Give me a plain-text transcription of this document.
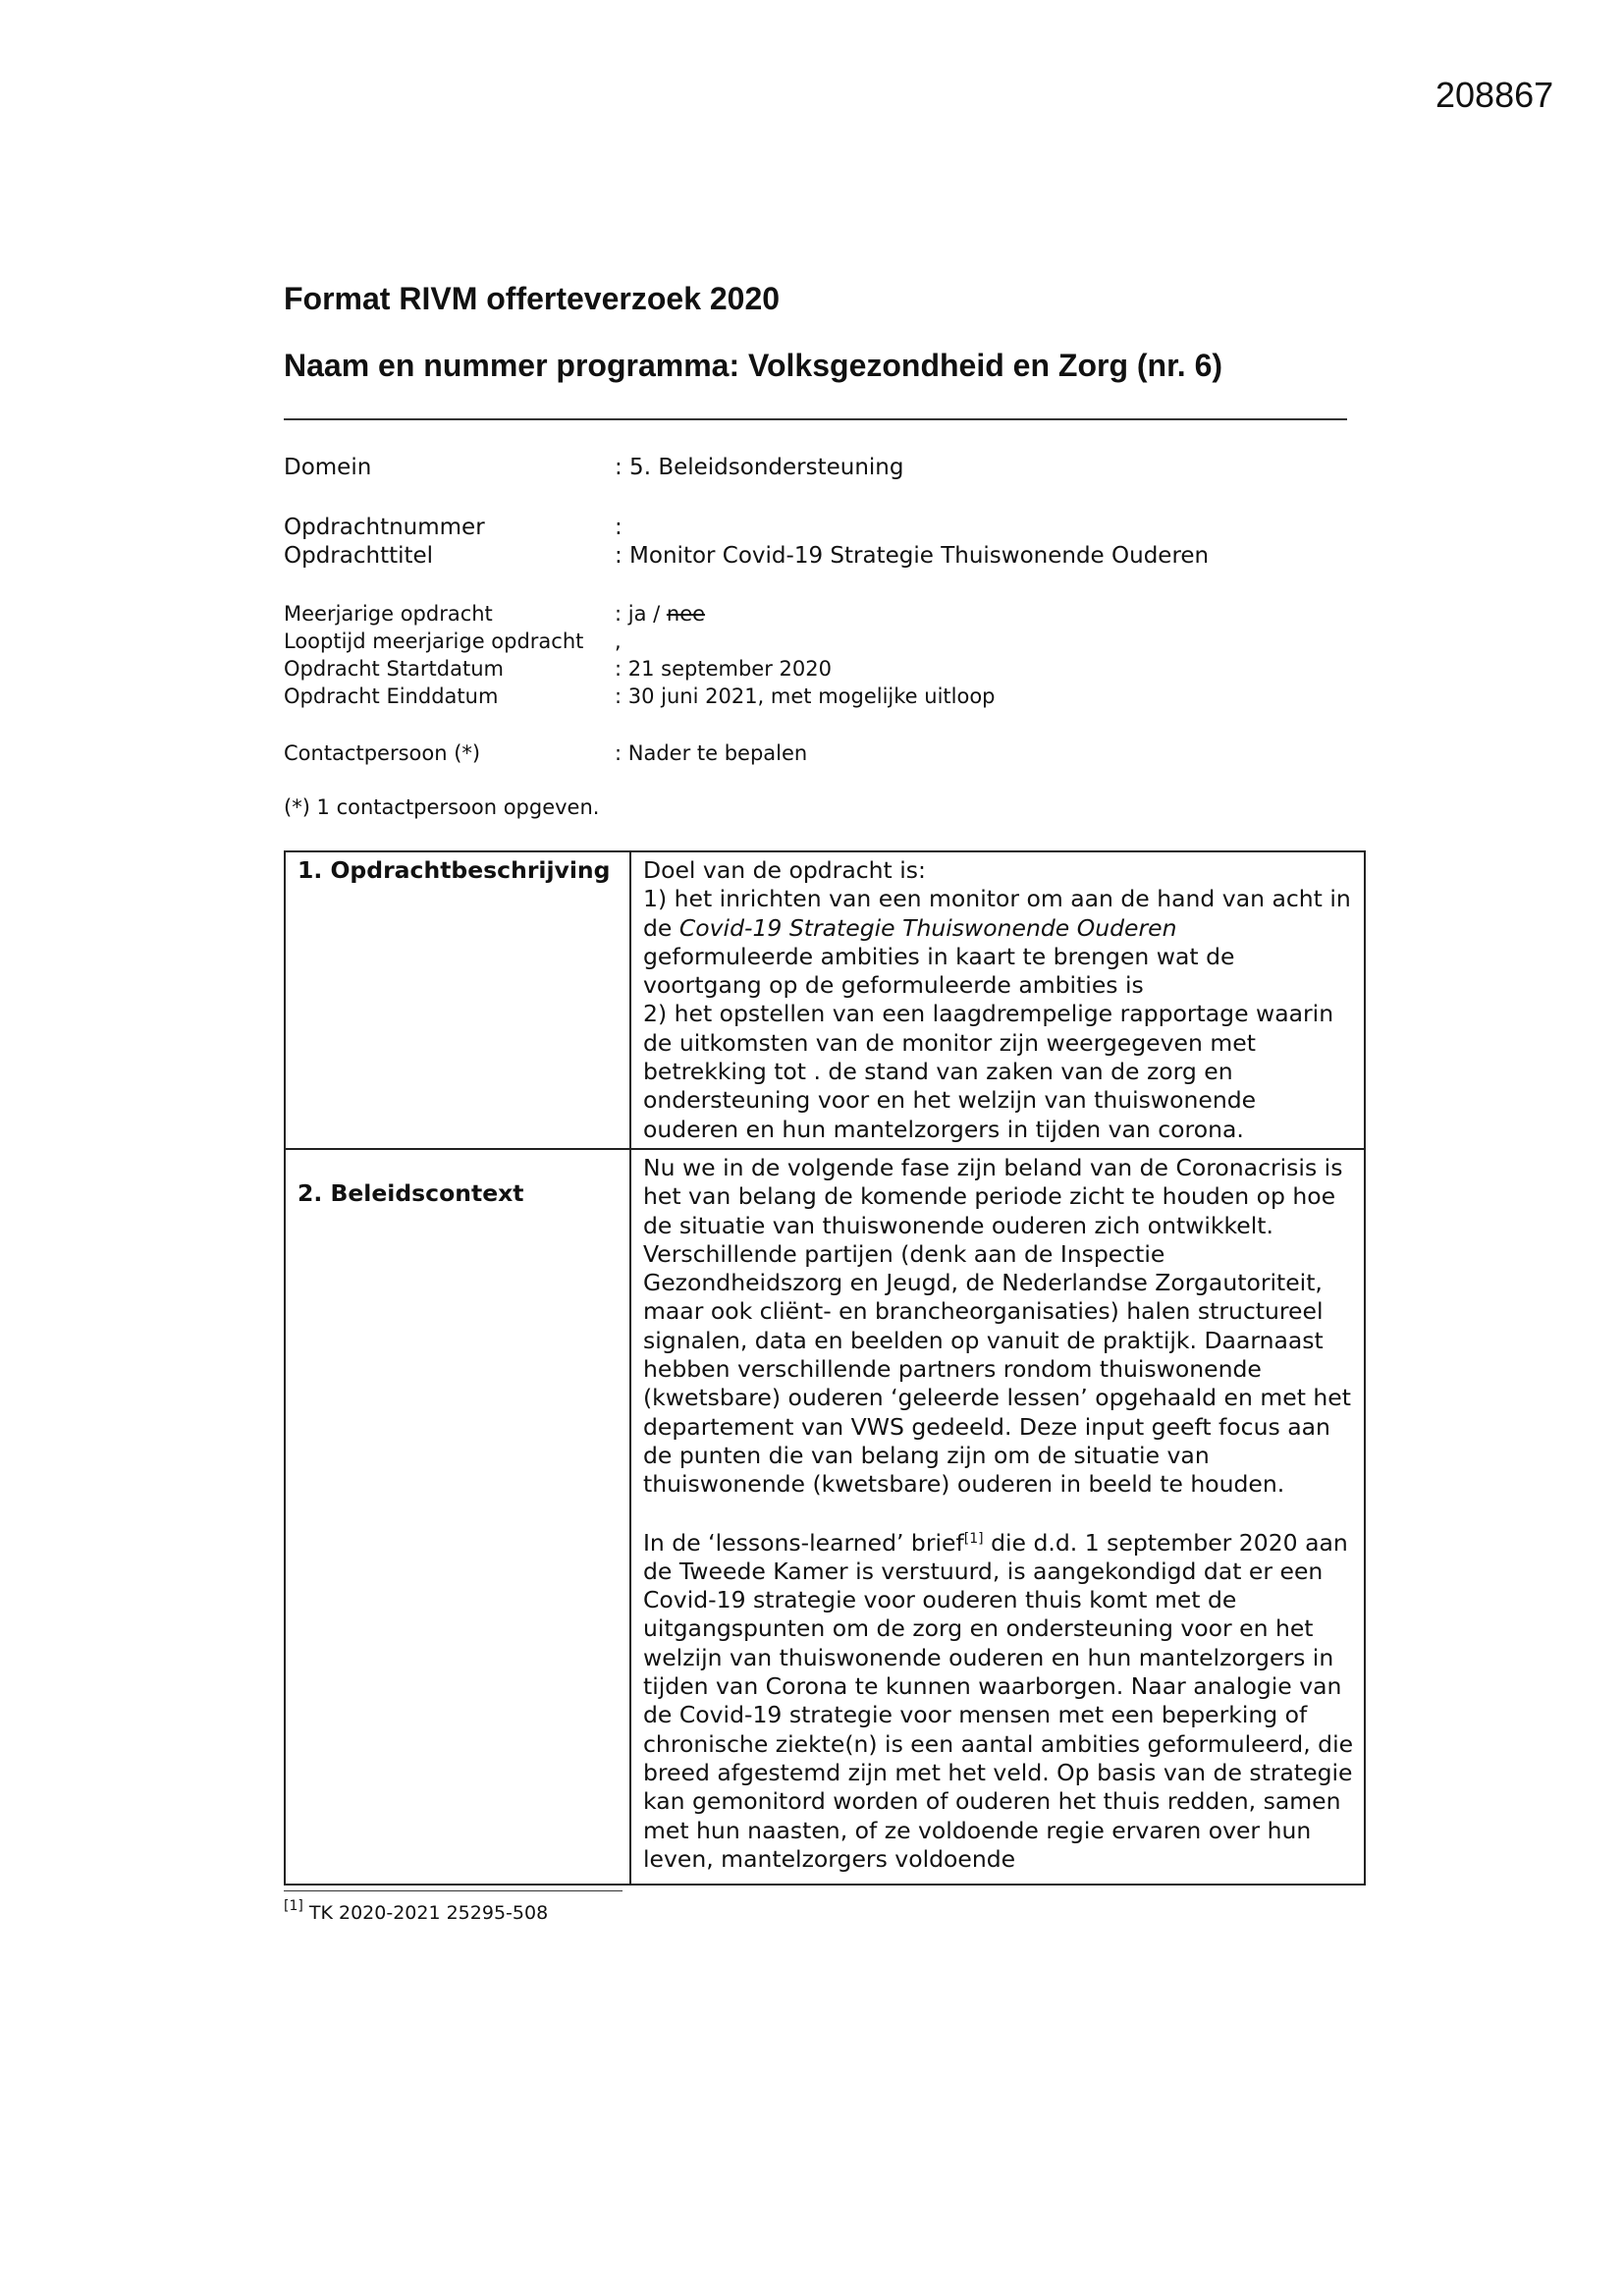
208867
Format RIVM offerteverzoek 2020
Naam en nummer programma: Volksgezondheid en Zorg (nr. 6)
Domein	: 5. Beleidsondersteuning
Opdrachtnummer	:
Opdrachttitel	: Monitor Covid-19 Strategie Thuiswonende Ouderen
Meerjarige opdracht	: ja / nee
Looptijd meerjarige opdracht ,
Opdracht Startdatum	: 21 september 2020
Opdracht Einddatum	: 30 juni 2021, met mogelijke uitloop
Contactpersoon (*)	: Nader te bepalen
(*) 1 contactpersoon opgeven.
1. Opdrachtbeschrijving	Doel van de opdracht is:

1) het inrichten van een monitor om aan de hand van acht in de Covid-19 Strategie Thuiswonende Ouderen geformuleerde ambities in kaart te brengen wat de voortgang op de geformuleerde ambities is

2) het opstellen van een laagdrempelige rapportage waarin de uitkomsten van de monitor zijn weergegeven met betrekking tot . de stand van zaken van de zorg en ondersteuning voor en het welzijn van thuiswonende ouderen en hun mantelzorgers in tijden van corona.

2. Beleidscontext	Nu we in de volgende fase zijn beland van de Coronacrisis is het van belang de komende periode zicht te houden op hoe de situatie van thuiswonende ouderen zich ontwikkelt. Verschillende partijen (denk aan de Inspectie Gezondheidszorg en Jeugd, de Nederlandse Zorgautoriteit, maar ook cliënt- en brancheorganisaties) halen structureel signalen, data en beelden op vanuit de praktijk. Daarnaast hebben verschillende partners rondom thuiswonende (kwetsbare) ouderen ‘geleerde lessen’ opgehaald en met het departement van VWS gedeeld. Deze input geeft focus aan de punten die van belang zijn om de situatie van thuiswonende (kwetsbare) ouderen in beeld te houden.

In de ‘lessons-learned’ brief[1] die d.d. 1 september 2020 aan de Tweede Kamer is verstuurd, is aangekondigd dat er een Covid-19 strategie voor ouderen thuis komt met de uitgangspunten om de zorg en ondersteuning voor en het welzijn van thuiswonende ouderen en hun mantelzorgers in tijden van Corona te kunnen waarborgen. Naar analogie van de Covid-19 strategie voor mensen met een beperking of chronische ziekte(n) is een aantal ambities geformuleerd, die breed afgestemd zijn met het veld. Op basis van de strategie kan gemonitord worden of ouderen het thuis redden, samen met hun naasten, of ze voldoende regie ervaren over hun leven, mantelzorgers voldoende

[1] TK 2020-2021 25295-508
